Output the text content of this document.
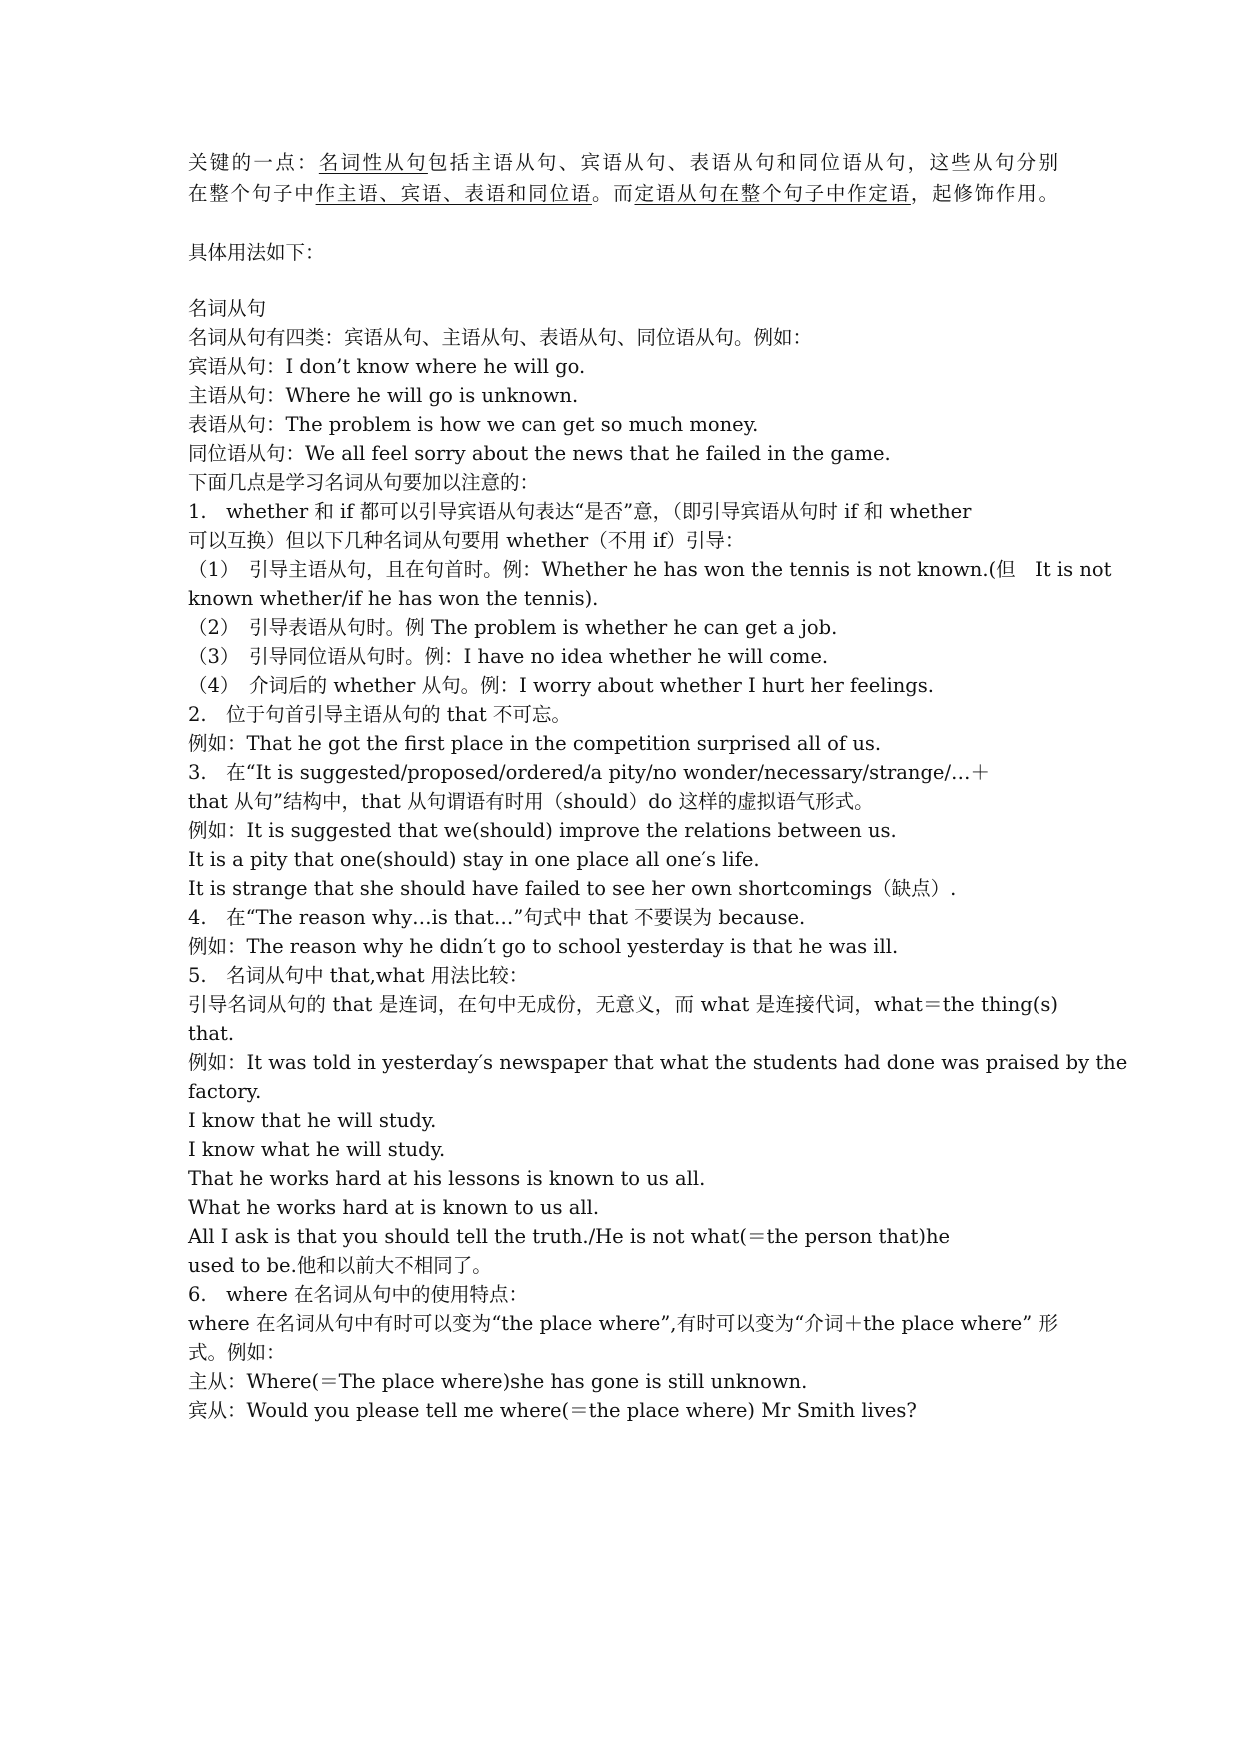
关键的一点：名词性从句包括主语从句、宾语从句、表语从句和同位语从句，这些从句分别
在整个句子中作主语、宾语、表语和同位语。而定语从句在整个句子中作定语，起修饰作用。
具体用法如下：
名词从句
名词从句有四类：宾语从句、主语从句、表语从句、同位语从句。例如：
宾语从句：I don’t know where he will go.
主语从句：Where he will go is unknown.
表语从句：The problem is how we can get so much money.
同位语从句：We all feel sorry about the news that he failed in the game.
下面几点是学习名词从句要加以注意的：
1.　whether 和 if 都可以引导宾语从句表达“是否”意，（即引导宾语从句时 if 和 whether
可以互换）但以下几种名词从句要用 whether（不用 if）引导：
（1）　引导主语从句，且在句首时。例：Whether he has won the tennis is not known.(但　It is not
known whether/if he has won the tennis).
（2）　引导表语从句时。例 The problem is whether he can get a job.
（3）　引导同位语从句时。例：I have no idea whether he will come.
（4）　介词后的 whether 从句。例：I worry about whether I hurt her feelings.
2.　位于句首引导主语从句的 that 不可忘。
例如：That he got the first place in the competition surprised all of us.
3.　在“It is suggested/proposed/ordered/a pity/no wonder/necessary/strange/…＋
that 从句”结构中，that 从句谓语有时用（should）do 这样的虚拟语气形式。
例如：It is suggested that we(should) improve the relations between us.
It is a pity that one(should) stay in one place all one′s life.
It is strange that she should have failed to see her own shortcomings（缺点）.
4.　在“The reason why…is that…”句式中 that 不要误为 because.
例如：The reason why he didn′t go to school yesterday is that he was ill.
5.　名词从句中 that,what 用法比较：
引导名词从句的 that 是连词，在句中无成份，无意义，而 what 是连接代词，what＝the thing(s)
that.
例如：It was told in yesterday′s newspaper that what the students had done was praised by the
factory.
I know that he will study.
I know what he will study.
That he works hard at his lessons is known to us all.
What he works hard at is known to us all.
All I ask is that you should tell the truth./He is not what(＝the person that)he
used to be.他和以前大不相同了。
6.　where 在名词从句中的使用特点：
where 在名词从句中有时可以变为“the place where”,有时可以变为“介词＋the place where” 形
式。例如：
主从：Where(＝The place where)she has gone is still unknown.
宾从：Would you please tell me where(＝the place where) Mr Smith lives?
